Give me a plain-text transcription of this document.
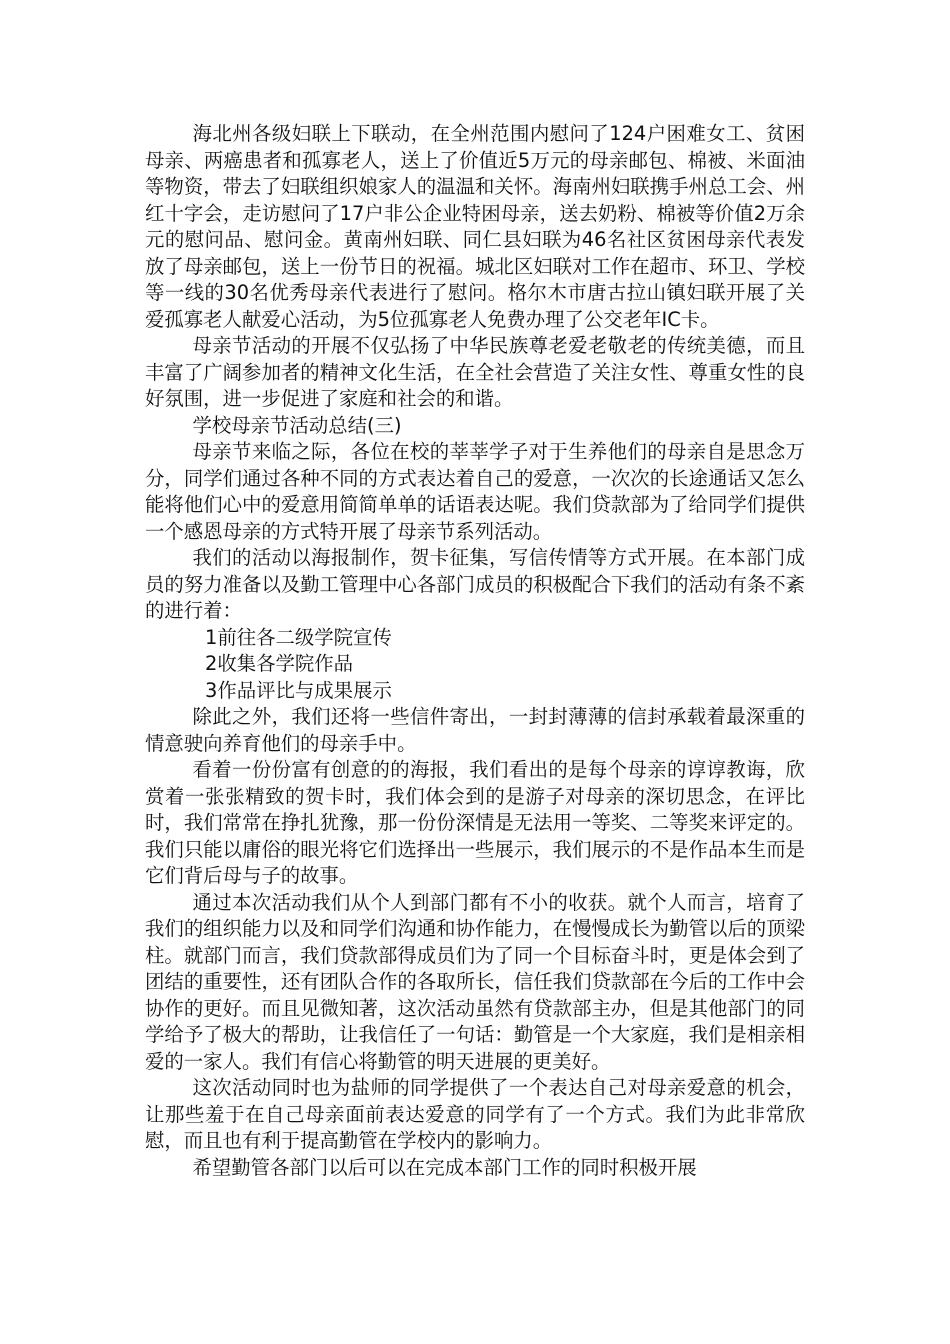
海北州各级妇联上下联动，在全州范围内慰问了124户困难女工、贫困母亲、两癌患者和孤寡老人，送上了价值近5万元的母亲邮包、棉被、米面油等物资，带去了妇联组织娘家人的温温和关怀。海南州妇联携手州总工会、州红十字会，走访慰问了17户非公企业特困母亲，送去奶粉、棉被等价值2万余元的慰问品、慰问金。黄南州妇联、同仁县妇联为46名社区贫困母亲代表发放了母亲邮包，送上一份节日的祝福。城北区妇联对工作在超市、环卫、学校等一线的30名优秀母亲代表进行了慰问。格尔木市唐古拉山镇妇联开展了关爱孤寡老人献爱心活动，为5位孤寡老人免费办理了公交老年IC卡。

母亲节活动的开展不仅弘扬了中华民族尊老爱老敬老的传统美德，而且丰富了广阔参加者的精神文化生活，在全社会营造了关注女性、尊重女性的良好氛围，进一步促进了家庭和社会的和谐。

学校母亲节活动总结(三)

母亲节来临之际，各位在校的莘莘学子对于生养他们的母亲自是思念万分，同学们通过各种不同的方式表达着自己的爱意，一次次的长途通话又怎么能将他们心中的爱意用简简单单的话语表达呢。我们贷款部为了给同学们提供一个感恩母亲的方式特开展了母亲节系列活动。

我们的活动以海报制作，贺卡征集，写信传情等方式开展。在本部门成员的努力准备以及勤工管理中心各部门成员的积极配合下我们的活动有条不紊的进行着：

1前往各二级学院宣传

2收集各学院作品

3作品评比与成果展示

除此之外，我们还将一些信件寄出，一封封薄薄的信封承载着最深重的情意驶向养育他们的母亲手中。

看着一份份富有创意的的海报，我们看出的是每个母亲的谆谆教诲，欣赏着一张张精致的贺卡时，我们体会到的是游子对母亲的深切思念，在评比时，我们常常在挣扎犹豫，那一份份深情是无法用一等奖、二等奖来评定的。我们只能以庸俗的眼光将它们选择出一些展示，我们展示的不是作品本生而是它们背后母与子的故事。

通过本次活动我们从个人到部门都有不小的收获。就个人而言，培育了我们的组织能力以及和同学们沟通和协作能力，在慢慢成长为勤管以后的顶梁柱。就部门而言，我们贷款部得成员们为了同一个目标奋斗时，更是体会到了团结的重要性，还有团队合作的各取所长，信任我们贷款部在今后的工作中会协作的更好。而且见微知著，这次活动虽然有贷款部主办，但是其他部门的同学给予了极大的帮助，让我信任了一句话：勤管是一个大家庭，我们是相亲相爱的一家人。我们有信心将勤管的明天进展的更美好。

这次活动同时也为盐师的同学提供了一个表达自己对母亲爱意的机会，让那些羞于在自己母亲面前表达爱意的同学有了一个方式。我们为此非常欣慰，而且也有利于提高勤管在学校内的影响力。

希望勤管各部门以后可以在完成本部门工作的同时积极开展
